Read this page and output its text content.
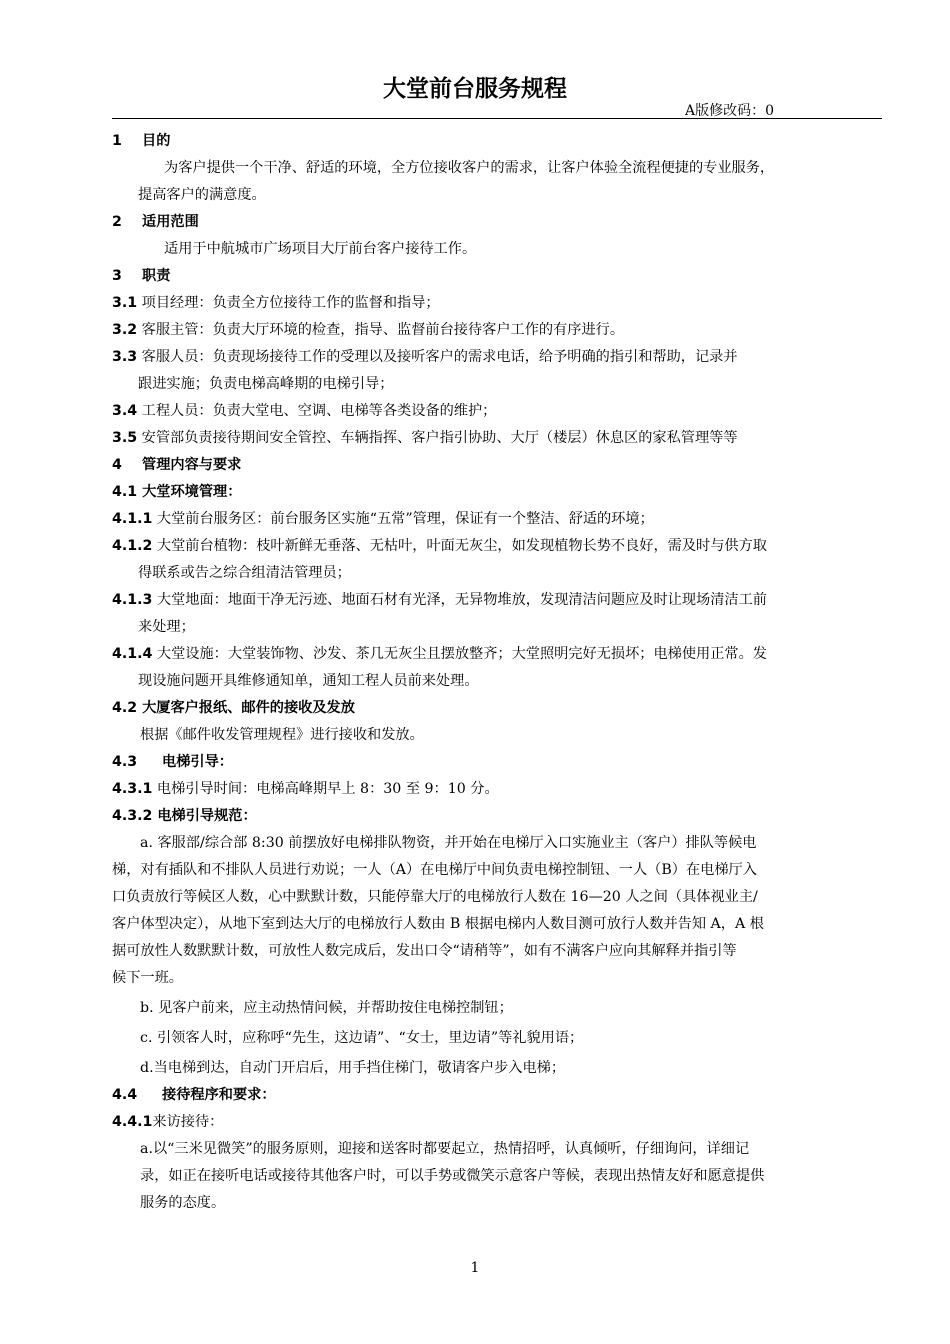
大堂前台服务规程
A版修改码：0
1 目的
为客户提供一个干净、舒适的环境，全方位接收客户的需求，让客户体验全流程便捷的专业服务，
提高客户的满意度。
2 适用范围
适用于中航城市广场项目大厅前台客户接待工作。
3 职责
3.1 项目经理：负责全方位接待工作的监督和指导；
3.2 客服主管：负责大厅环境的检查，指导、监督前台接待客户工作的有序进行。
3.3 客服人员：负责现场接待工作的受理以及接听客户的需求电话，给予明确的指引和帮助，记录并
跟进实施；负责电梯高峰期的电梯引导；
3.4 工程人员：负责大堂电、空调、电梯等各类设备的维护；
3.5 安管部负责接待期间安全管控、车辆指挥、客户指引协助、大厅（楼层）休息区的家私管理等等
4 管理内容与要求
4.1 大堂环境管理：
4.1.1 大堂前台服务区：前台服务区实施“五常”管理，保证有一个整洁、舒适的环境；
4.1.2 大堂前台植物：枝叶新鲜无垂落、无枯叶，叶面无灰尘，如发现植物长势不良好，需及时与供方取
得联系或告之综合组清洁管理员；
4.1.3 大堂地面：地面干净无污迹、地面石材有光泽，无异物堆放，发现清洁问题应及时让现场清洁工前
来处理；
4.1.4 大堂设施：大堂装饰物、沙发、茶几无灰尘且摆放整齐；大堂照明完好无损坏；电梯使用正常。发
现设施问题开具维修通知单，通知工程人员前来处理。
4.2 大厦客户报纸、邮件的接收及发放
根据《邮件收发管理规程》进行接收和发放。
4.3 电梯引导：
4.3.1 电梯引导时间：电梯高峰期早上 8：30 至 9：10 分。
4.3.2 电梯引导规范：
a. 客服部/综合部 8:30 前摆放好电梯排队物资，并开始在电梯厅入口实施业主（客户）排队等候电
梯，对有插队和不排队人员进行劝说；一人（A）在电梯厅中间负责电梯控制钮、一人（B）在电梯厅入
口负责放行等候区人数，心中默默计数，只能停靠大厅的电梯放行人数在 16—20 人之间（具体视业主/
客户体型决定），从地下室到达大厅的电梯放行人数由 B 根据电梯内人数目测可放行人数并告知 A，A 根
据可放性人数默默计数，可放性人数完成后，发出口令“请稍等”，如有不满客户应向其解释并指引等
候下一班。
b. 见客户前来，应主动热情问候，并帮助按住电梯控制钮；
c. 引领客人时，应称呼“先生，这边请”、“女士，里边请”等礼貌用语；
d.当电梯到达，自动门开启后，用手挡住梯门，敬请客户步入电梯；
4.4 接待程序和要求：
4.4.1来访接待：
a.以“三米见微笑”的服务原则，迎接和送客时都要起立，热情招呼，认真倾听，仔细询问，详细记
录，如正在接听电话或接待其他客户时，可以手势或微笑示意客户等候，表现出热情友好和愿意提供
服务的态度。
1
